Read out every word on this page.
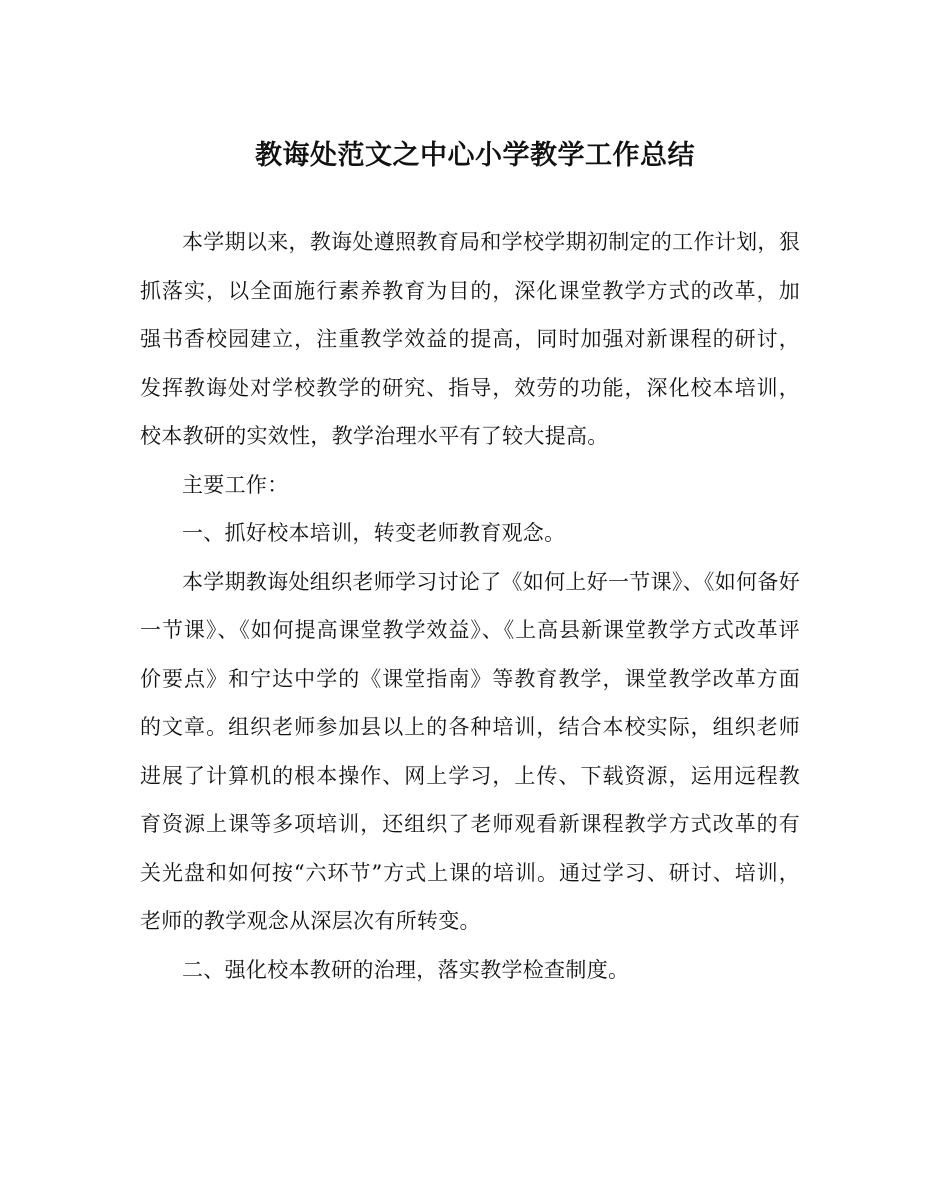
教诲处范文之中心小学教学工作总结

本学期以来，教诲处遵照教育局和学校学期初制定的工作计划，狠抓落实，以全面施行素养教育为目的，深化课堂教学方式的改革，加强书香校园建立，注重教学效益的提高，同时加强对新课程的研讨，发挥教诲处对学校教学的研究、指导，效劳的功能，深化校本培训，校本教研的实效性，教学治理水平有了较大提高。

主要工作：

一、抓好校本培训，转变老师教育观念。

本学期教诲处组织老师学习讨论了《如何上好一节课》、《如何备好一节课》、《如何提高课堂教学效益》、《上高县新课堂教学方式改革评价要点》和宁达中学的《课堂指南》等教育教学，课堂教学改革方面的文章。组织老师参加县以上的各种培训，结合本校实际，组织老师进展了计算机的根本操作、网上学习，上传、下载资源，运用远程教育资源上课等多项培训，还组织了老师观看新课程教学方式改革的有关光盘和如何按“六环节”方式上课的培训。通过学习、研讨、培训，老师的教学观念从深层次有所转变。

二、强化校本教研的治理，落实教学检查制度。
